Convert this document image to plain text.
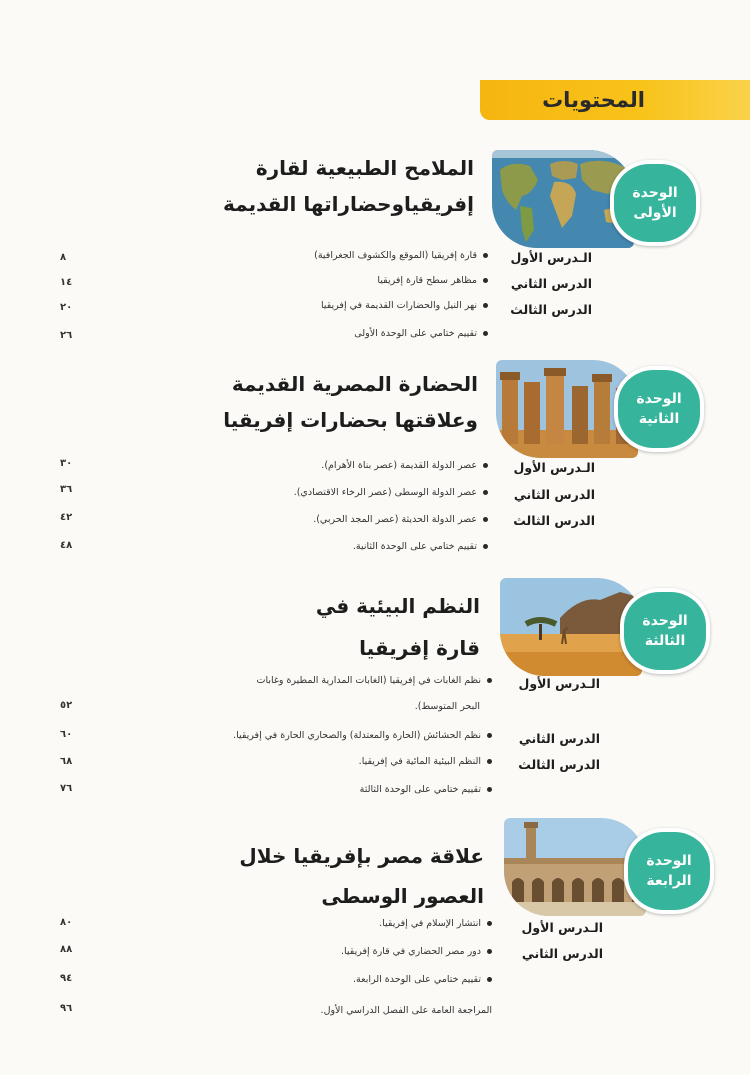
المحتويات
الوحدة
الأولى
الملامح الطبيعية لقارة
إفريقياوحضاراتها القديمة
الـدرس الأول
الدرس الثاني
الدرس الثالث
قارة إفريقيا (الموقع والكشوف الجغرافية)
٨
مظاهر سطح قارة إفريقيا
١٤
نهر النيل والحضارات القديمة في إفريقيا
٢٠
تقييم ختامي على الوحدة الأولى
٢٦
الوحدة
الثانية
الحضارة المصرية القديمة
وعلاقتها بحضارات إفريقيا
الـدرس الأول
الدرس الثاني
الدرس الثالث
عصر الدولة القديمة (عصر بناة الأهرام).
٣٠
عصر الدولة الوسطى (عصر الرخاء الاقتصادي).
٣٦
عصر الدولة الحديثة (عصر المجد الحربي).
٤٢
تقييم ختامي على الوحدة الثانية.
٤٨
الوحدة
الثالثة
النظم البيئية في
قارة إفريقيا
الـدرس الأول
الدرس الثاني
الدرس الثالث
نظم الغابات في إفريقيا (الغابات المدارية المطيرة وغابات
البحر المتوسط).
٥٢
نظم الحشائش (الحارة والمعتدلة) والصحاري الحارة في إفريقيا.
٦٠
النظم البيئية المائية في إفريقيا.
٦٨
تقييم ختامي على الوحدة الثالثة
٧٦
الوحدة
الرابعة
علاقة مصر بإفريقيا خلال
العصور الوسطى
الـدرس الأول
الدرس الثاني
انتشار الإسلام في إفريقيا.
٨٠
دور مصر الحضاري في قارة إفريقيا.
٨٨
تقييم ختامي على الوحدة الرابعة.
٩٤
المراجعة العامة على الفصل الدراسي الأول.
٩٦
